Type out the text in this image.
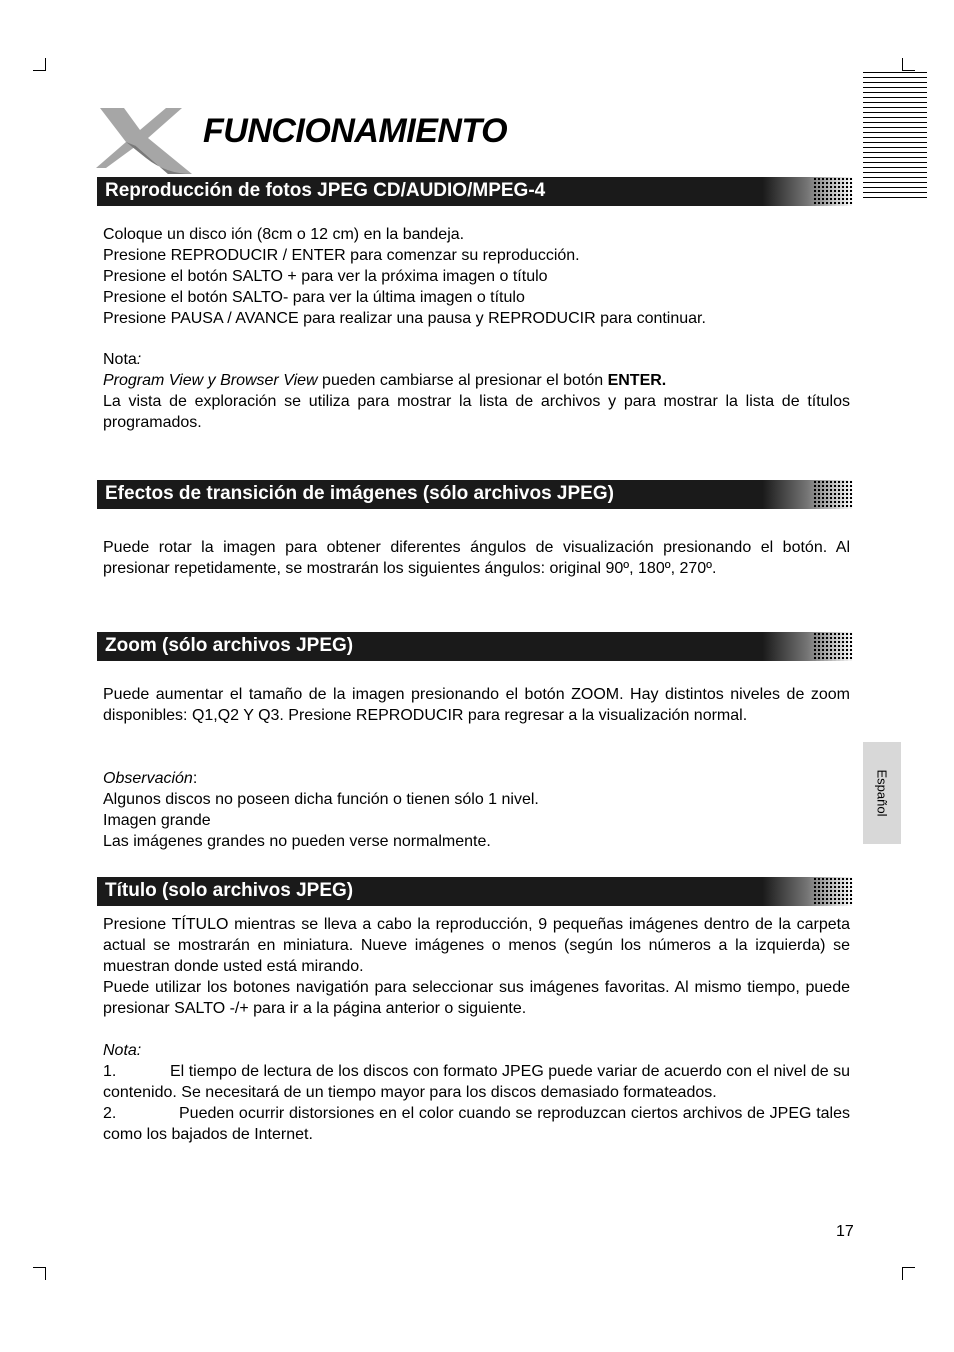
FUNCIONAMIENTO
Reproducción de fotos JPEG CD/AUDIO/MPEG-4

Coloque un disco ión (8cm o 12 cm) en la bandeja.

Presione REPRODUCIR / ENTER para comenzar su reproducción.

Presione el botón SALTO + para ver la próxima imagen o título

Presione el botón SALTO- para ver la última imagen o título

Presione PAUSA / AVANCE para realizar una pausa y REPRODUCIR para continuar.

Nota:

Program View y Browser View pueden cambiarse al presionar el botón ENTER.

La vista de exploración se utiliza para mostrar la lista de archivos y para mostrar la lista de títulos programados.

Efectos de transición de imágenes (sólo archivos JPEG)

Puede rotar la imagen para obtener diferentes ángulos de visualización presionando el botón. Al presionar repetidamente, se mostrarán los siguientes ángulos: original 90º, 180º, 270º.

Zoom (sólo archivos JPEG)

Puede aumentar el tamaño de la imagen presionando el botón ZOOM. Hay distintos niveles de zoom disponibles: Q1,Q2 Y Q3. Presione REPRODUCIR para regresar a la visualización normal.

Observación:

Algunos discos no poseen dicha función o tienen sólo 1 nivel.

Imagen grande

Las imágenes grandes no pueden verse normalmente.

Español
Título (solo archivos JPEG)

Presione TÍTULO mientras se lleva a cabo la reproducción, 9 pequeñas imágenes dentro de la carpeta actual se mostrarán en miniatura. Nueve imágenes o menos (según los números a la izquierda) se muestran donde usted está mirando.

Puede utilizar los botones navigatión para seleccionar sus imágenes favoritas. Al mismo tiempo, puede presionar SALTO -/+ para ir a la página anterior o siguiente.

Nota:

1.	El tiempo de lectura de los discos con formato JPEG puede variar de acuerdo con el nivel de su contenido. Se necesitará de un tiempo mayor para los discos demasiado formateados.

2.	Pueden ocurrir distorsiones en el color cuando se reproduzcan ciertos archivos de JPEG tales como los bajados de Internet.

17
